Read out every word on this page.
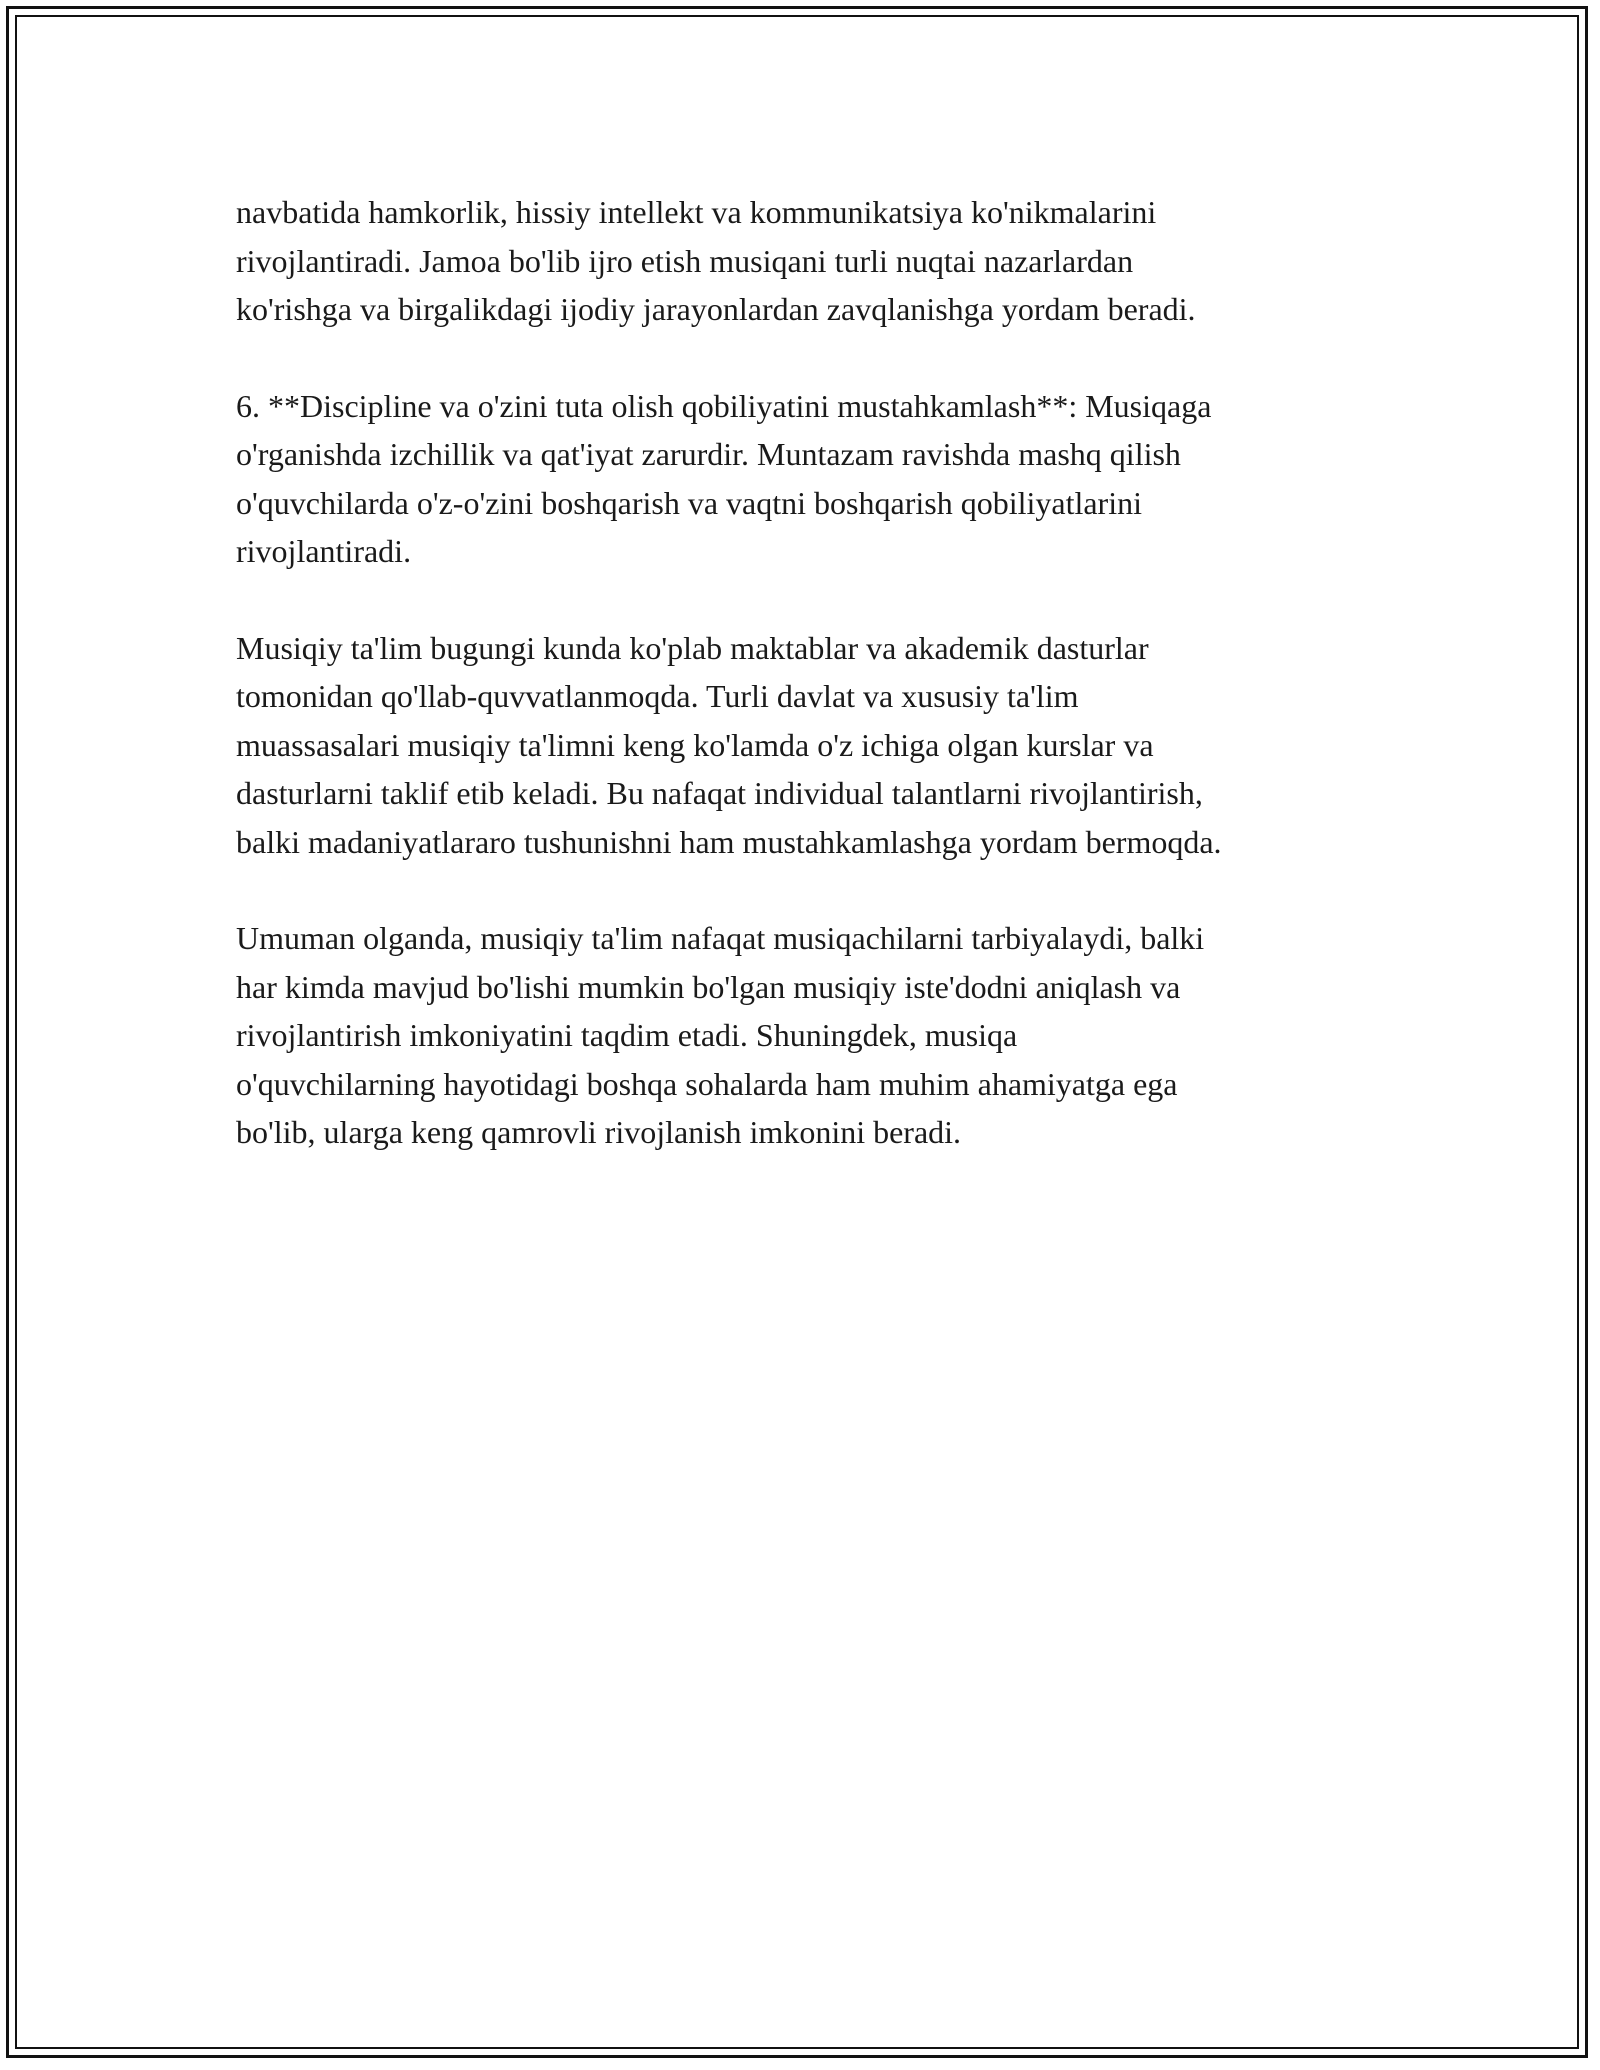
navbatida hamkorlik, hissiy intellekt va kommunikatsiya ko'nikmalarini
rivojlantiradi. Jamoa bo'lib ijro etish musiqani turli nuqtai nazarlardan
ko'rishga va birgalikdagi ijodiy jarayonlardan zavqlanishga yordam beradi.

6. **Discipline va o'zini tuta olish qobiliyatini mustahkamlash**: Musiqaga
o'rganishda izchillik va qat'iyat zarurdir. Muntazam ravishda mashq qilish
o'quvchilarda o'z-o'zini boshqarish va vaqtni boshqarish qobiliyatlarini
rivojlantiradi.

Musiqiy ta'lim bugungi kunda ko'plab maktablar va akademik dasturlar
tomonidan qo'llab-quvvatlanmoqda. Turli davlat va xususiy ta'lim
muassasalari musiqiy ta'limni keng ko'lamda o'z ichiga olgan kurslar va
dasturlarni taklif etib keladi. Bu nafaqat individual talantlarni rivojlantirish,
balki madaniyatlararo tushunishni ham mustahkamlashga yordam bermoqda.

Umuman olganda, musiqiy ta'lim nafaqat musiqachilarni tarbiyalaydi, balki
har kimda mavjud bo'lishi mumkin bo'lgan musiqiy iste'dodni aniqlash va
rivojlantirish imkoniyatini taqdim etadi. Shuningdek, musiqa
o'quvchilarning hayotidagi boshqa sohalarda ham muhim ahamiyatga ega
bo'lib, ularga keng qamrovli rivojlanish imkonini beradi.
